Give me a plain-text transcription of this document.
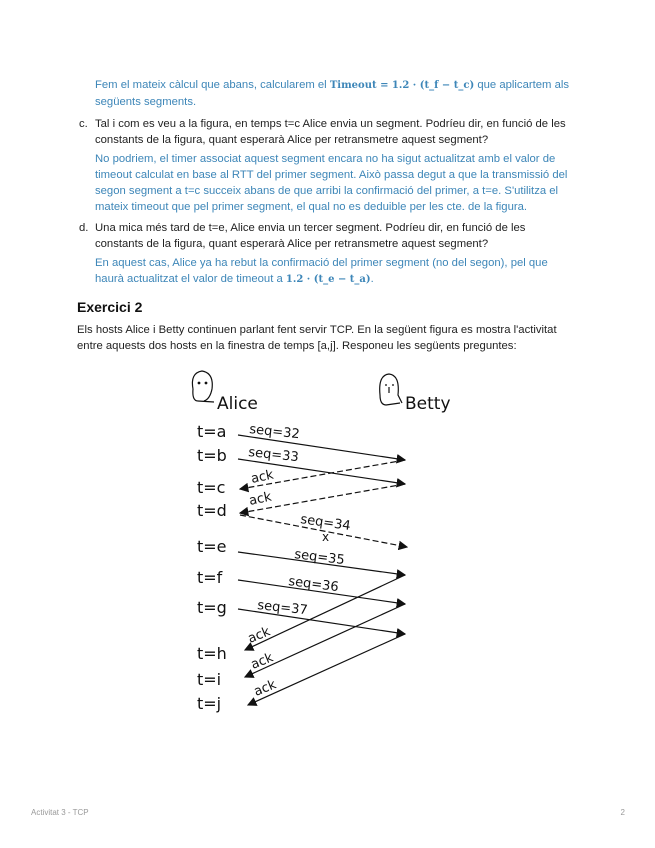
Fem el mateix càlcul que abans, calcularem el Timeout = 1.2 · (t_f − t_c) que aplicartem als següents segments.

c. Tal i com es veu a la figura, en temps t=c Alice envia un segment. Podríeu dir, en funció de les constants de la figura, quant esperarà Alice per retransmetre aquest segment?

No podriem, el timer associat aquest segment encara no ha sigut actualitzat amb el valor de timeout calculat en base al RTT del primer segment. Això passa degut a que la transmissió del segon segment a t=c succeix abans de que arribi la confirmació del primer, a t=e. S'utilitza el mateix timeout que pel primer segment, el qual no es deduible per les cte. de la figura.

d. Una mica més tard de t=e, Alice envia un tercer segment. Podríeu dir, en funció de les constants de la figura, quant esperarà Alice per retransmetre aquest segment?

En aquest cas, Alice ya ha rebut la confirmació del primer segment (no del segon), pel que haurà actualitzat el valor de timeout a 1.2 · (t_e − t_a).

Exercici 2

Els hosts Alice i Betty continuen parlant fent servir TCP. En la següent figura es mostra l'activitat entre aquests dos hosts en la finestra de temps [a,j]. Responeu les següents preguntes:

Alice	Betty
t=a
t=b
t=c
t=d
t=e
t=f
t=g
t=h
t=i
t=j
seq=32
seq=33
ack
ack
seq=34
x
seq=35
seq=36
seq=37
ack
ack
ack
Activitat 3 - TCP	2
